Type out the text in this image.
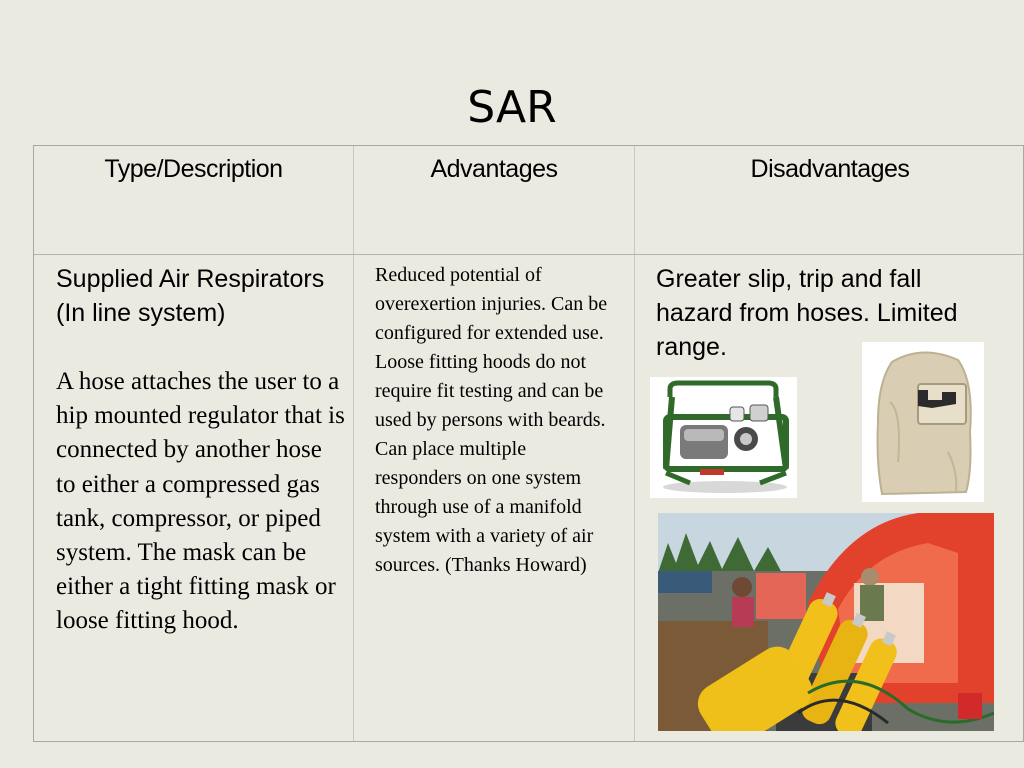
SAR
Type/Description	Advantages	Disadvantages
Supplied Air Respirators (In line system)
A hose attaches the user to a hip mounted regulator that is connected by another hose to either a compressed gas tank, compressor, or piped system. The mask can be either a tight fitting mask or loose fitting hood.
Reduced potential of overexertion injuries. Can be configured for extended use. Loose fitting hoods do not require fit testing and can be used by persons with beards. Can place multiple responders on one system through use of a manifold system with a variety of air sources. (Thanks Howard)
Greater slip, trip and fall hazard from hoses. Limited range.
